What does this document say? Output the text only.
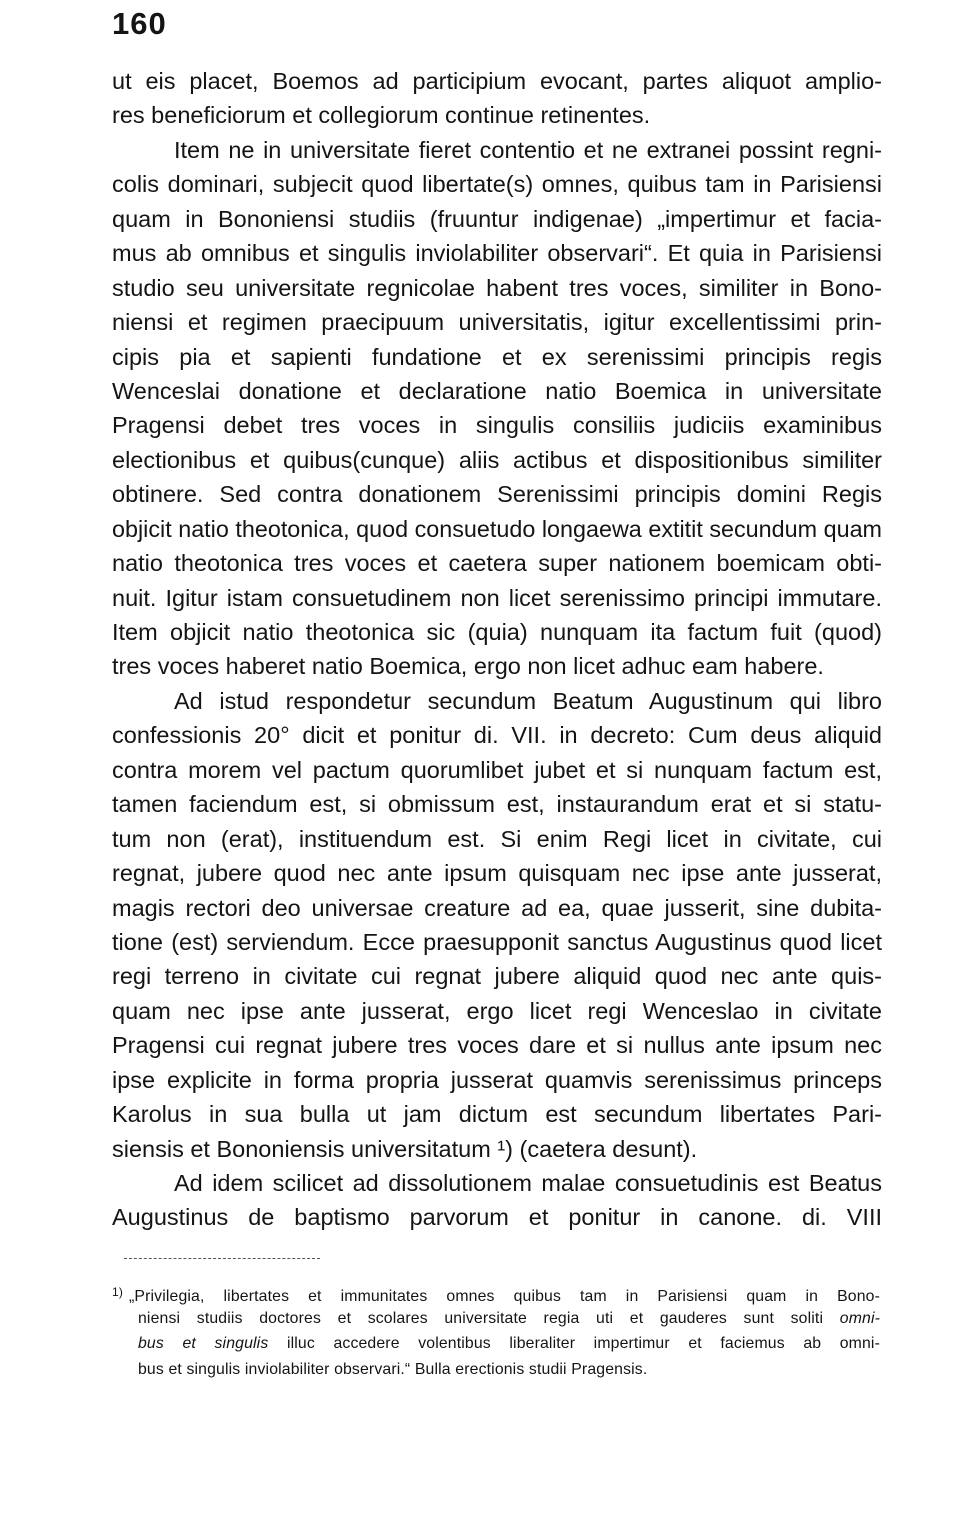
160
ut eis placet, Boemos ad participium evocant, partes aliquot amplio-
res beneficiorum et collegiorum continue retinentes.
Item ne in universitate fieret contentio et ne extranei possint regni-
colis dominari, subjecit quod libertate(s) omnes, quibus tam in Parisiensi
quam in Bononiensi studiis (fruuntur indigenae) „impertimur et facia-
mus ab omnibus et singulis inviolabiliter observari“. Et quia in Parisiensi
studio seu universitate regnicolae habent tres voces, similiter in Bono-
niensi et regimen praecipuum universitatis, igitur excellentissimi prin-
cipis pia et sapienti fundatione et ex serenissimi principis regis
Wenceslai donatione et declaratione natio Boemica in universitate
Pragensi debet tres voces in singulis consiliis judiciis examinibus
electionibus et quibus(cunque) aliis actibus et dispositionibus similiter
obtinere. Sed contra donationem Serenissimi principis domini Regis
objicit natio theotonica, quod consuetudo longaewa extitit secundum quam
natio theotonica tres voces et caetera super nationem boemicam obti-
nuit. Igitur istam consuetudinem non licet serenissimo principi immutare.
Item objicit natio theotonica sic (quia) nunquam ita factum fuit (quod)
tres voces haberet natio Boemica, ergo non licet adhuc eam habere.
Ad istud respondetur secundum Beatum Augustinum qui libro
confessionis 20° dicit et ponitur di. VII. in decreto: Cum deus aliquid
contra morem vel pactum quorumlibet jubet et si nunquam factum est,
tamen faciendum est, si obmissum est, instaurandum erat et si statu-
tum non (erat), instituendum est. Si enim Regi licet in civitate, cui
regnat, jubere quod nec ante ipsum quisquam nec ipse ante jusserat,
magis rectori deo universae creature ad ea, quae jusserit, sine dubita-
tione (est) serviendum. Ecce praesupponit sanctus Augustinus quod licet
regi terreno in civitate cui regnat jubere aliquid quod nec ante quis-
quam nec ipse ante jusserat, ergo licet regi Wenceslao in civitate
Pragensi cui regnat jubere tres voces dare et si nullus ante ipsum nec
ipse explicite in forma propria jusserat quamvis serenissimus princeps
Karolus in sua bulla ut jam dictum est secundum libertates Pari-
siensis et Bononiensis universitatum ¹) (caetera desunt).
Ad idem scilicet ad dissolutionem malae consuetudinis est Beatus
Augustinus de baptismo parvorum et ponitur in canone. di. VIII
$^{1)}$ „Privilegia, libertates et immunitates omnes quibus tam in Parisiensi quam in Bono-
niensi studiis doctores et scolares universitate regia uti et gauderes sunt soliti omni-
bus et singulis illuc accedere volentibus liberaliter impertimur et faciemus ab omni-
bus et singulis inviolabiliter observari.“ Bulla erectionis studii Pragensis.
